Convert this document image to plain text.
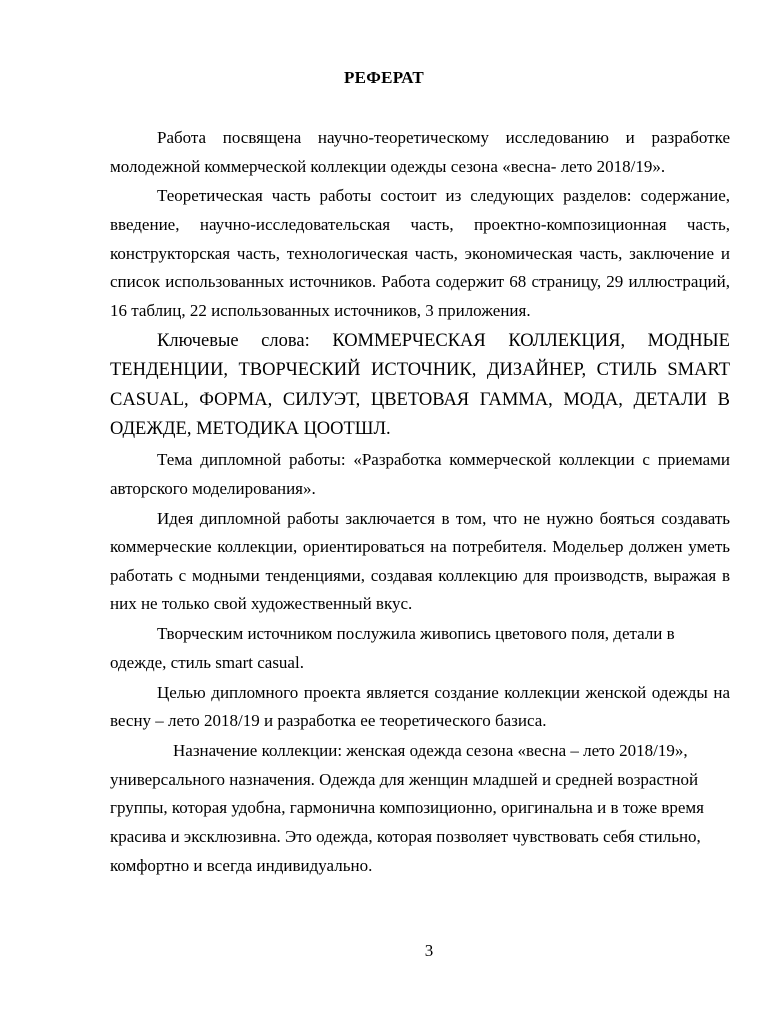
РЕФЕРАТ

Работа посвящена научно-теоретическому исследованию и разработке молодежной коммерческой коллекции одежды сезона «весна- лето 2018/19».

Теоретическая часть работы состоит из следующих разделов: содержание, введение, научно-исследовательская часть, проектно-композиционная часть, конструкторская часть, технологическая часть, экономическая часть, заключение и список использованных источников. Работа содержит 68 страницу, 29 иллюстраций, 16 таблиц, 22 использованных источников, 3 приложения.

Ключевые слова: КОММЕРЧЕСКАЯ КОЛЛЕКЦИЯ, МОДНЫЕ ТЕНДЕНЦИИ, ТВОРЧЕСКИЙ ИСТОЧНИК, ДИЗАЙНЕР, СТИЛЬ SMART CASUAL, ФОРМА, СИЛУЭТ, ЦВЕТОВАЯ ГАММА, МОДА, ДЕТАЛИ В ОДЕЖДЕ, МЕТОДИКА ЦООТШЛ.

Тема дипломной работы: «Разработка коммерческой коллекции с приемами авторского моделирования».

Идея дипломной работы заключается в том, что не нужно бояться создавать коммерческие коллекции, ориентироваться на потребителя. Модельер должен уметь работать с модными тенденциями, создавая коллекцию для производств, выражая в них не только свой художественный вкус.

Творческим источником послужила живопись цветового поля, детали в одежде, стиль smart casual.

Целью дипломного проекта является создание коллекции женской одежды на весну – лето 2018/19 и разработка ее теоретического базиса.

Назначение коллекции: женская одежда сезона «весна – лето 2018/19», универсального назначения. Одежда для женщин младшей и средней возрастной группы, которая удобна, гармонична композиционно, оригинальна и в тоже время красива и эксклюзивна. Это одежда, которая позволяет чувствовать себя стильно, комфортно и всегда индивидуально.

3
